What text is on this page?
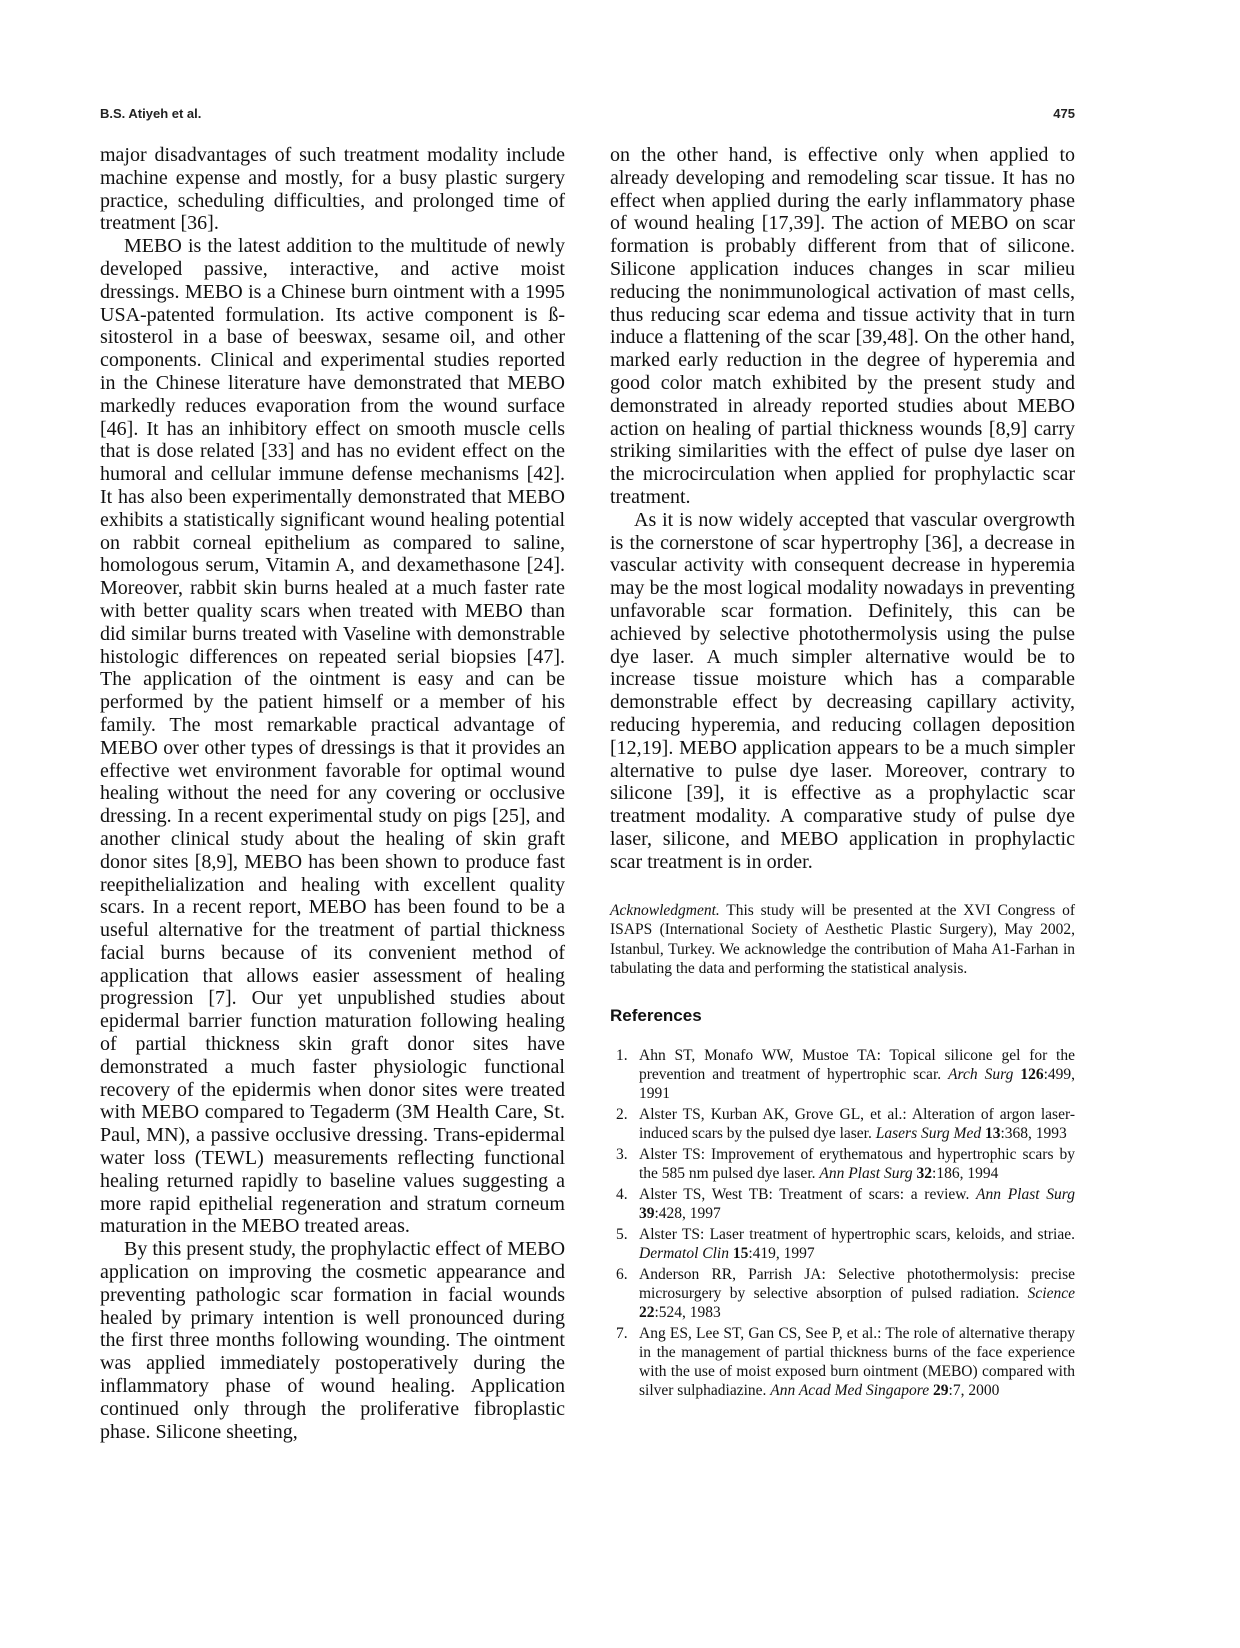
B.S. Atiyeh et al.	475

major disadvantages of such treatment modality include machine expense and mostly, for a busy plastic surgery practice, scheduling difficulties, and prolonged time of treatment [36].

MEBO is the latest addition to the multitude of newly developed passive, interactive, and active moist dressings. MEBO is a Chinese burn ointment with a 1995 USA-patented formulation. Its active component is ß-sitosterol in a base of beeswax, sesame oil, and other components. Clinical and experimental studies reported in the Chinese literature have demonstrated that MEBO markedly reduces evaporation from the wound surface [46]. It has an inhibitory effect on smooth muscle cells that is dose related [33] and has no evident effect on the humoral and cellular immune defense mechanisms [42]. It has also been experimentally demonstrated that MEBO exhibits a statistically significant wound healing potential on rabbit corneal epithelium as compared to saline, homologous serum, Vitamin A, and dexamethasone [24]. Moreover, rabbit skin burns healed at a much faster rate with better quality scars when treated with MEBO than did similar burns treated with Vaseline with demonstrable histologic differences on repeated serial biopsies [47]. The application of the ointment is easy and can be performed by the patient himself or a member of his family. The most remarkable practical advantage of MEBO over other types of dressings is that it provides an effective wet environment favorable for optimal wound healing without the need for any covering or occlusive dressing. In a recent experimental study on pigs [25], and another clinical study about the healing of skin graft donor sites [8,9], MEBO has been shown to produce fast reepithelialization and healing with excellent quality scars. In a recent report, MEBO has been found to be a useful alternative for the treatment of partial thickness facial burns because of its convenient method of application that allows easier assessment of healing progression [7]. Our yet unpublished studies about epidermal barrier function maturation following healing of partial thickness skin graft donor sites have demonstrated a much faster physiologic functional recovery of the epidermis when donor sites were treated with MEBO compared to Tegaderm (3M Health Care, St. Paul, MN), a passive occlusive dressing. Trans-epidermal water loss (TEWL) measurements reflecting functional healing returned rapidly to baseline values suggesting a more rapid epithelial regeneration and stratum corneum maturation in the MEBO treated areas.

By this present study, the prophylactic effect of MEBO application on improving the cosmetic appearance and preventing pathologic scar formation in facial wounds healed by primary intention is well pronounced during the first three months following wounding. The ointment was applied immediately postoperatively during the inflammatory phase of wound healing. Application continued only through the proliferative fibroplastic phase. Silicone sheeting,

on the other hand, is effective only when applied to already developing and remodeling scar tissue. It has no effect when applied during the early inflammatory phase of wound healing [17,39]. The action of MEBO on scar formation is probably different from that of silicone. Silicone application induces changes in scar milieu reducing the nonimmunological activation of mast cells, thus reducing scar edema and tissue activity that in turn induce a flattening of the scar [39,48]. On the other hand, marked early reduction in the degree of hyperemia and good color match exhibited by the present study and demonstrated in already reported studies about MEBO action on healing of partial thickness wounds [8,9] carry striking similarities with the effect of pulse dye laser on the microcirculation when applied for prophylactic scar treatment.

As it is now widely accepted that vascular overgrowth is the cornerstone of scar hypertrophy [36], a decrease in vascular activity with consequent decrease in hyperemia may be the most logical modality nowadays in preventing unfavorable scar formation. Definitely, this can be achieved by selective photothermolysis using the pulse dye laser. A much simpler alternative would be to increase tissue moisture which has a comparable demonstrable effect by decreasing capillary activity, reducing hyperemia, and reducing collagen deposition [12,19]. MEBO application appears to be a much simpler alternative to pulse dye laser. Moreover, contrary to silicone [39], it is effective as a prophylactic scar treatment modality. A comparative study of pulse dye laser, silicone, and MEBO application in prophylactic scar treatment is in order.

Acknowledgment. This study will be presented at the XVI Congress of ISAPS (International Society of Aesthetic Plastic Surgery), May 2002, Istanbul, Turkey. We acknowledge the contribution of Maha A1-Farhan in tabulating the data and performing the statistical analysis.

References
1. Ahn ST, Monafo WW, Mustoe TA: Topical silicone gel for the prevention and treatment of hypertrophic scar. Arch Surg 126:499, 1991
2. Alster TS, Kurban AK, Grove GL, et al.: Alteration of argon laser-induced scars by the pulsed dye laser. Lasers Surg Med 13:368, 1993
3. Alster TS: Improvement of erythematous and hypertrophic scars by the 585 nm pulsed dye laser. Ann Plast Surg 32:186, 1994
4. Alster TS, West TB: Treatment of scars: a review. Ann Plast Surg 39:428, 1997
5. Alster TS: Laser treatment of hypertrophic scars, keloids, and striae. Dermatol Clin 15:419, 1997
6. Anderson RR, Parrish JA: Selective photothermolysis: precise microsurgery by selective absorption of pulsed radiation. Science 22:524, 1983
7. Ang ES, Lee ST, Gan CS, See P, et al.: The role of alternative therapy in the management of partial thickness burns of the face experience with the use of moist exposed burn ointment (MEBO) compared with silver sulphadiazine. Ann Acad Med Singapore 29:7, 2000
